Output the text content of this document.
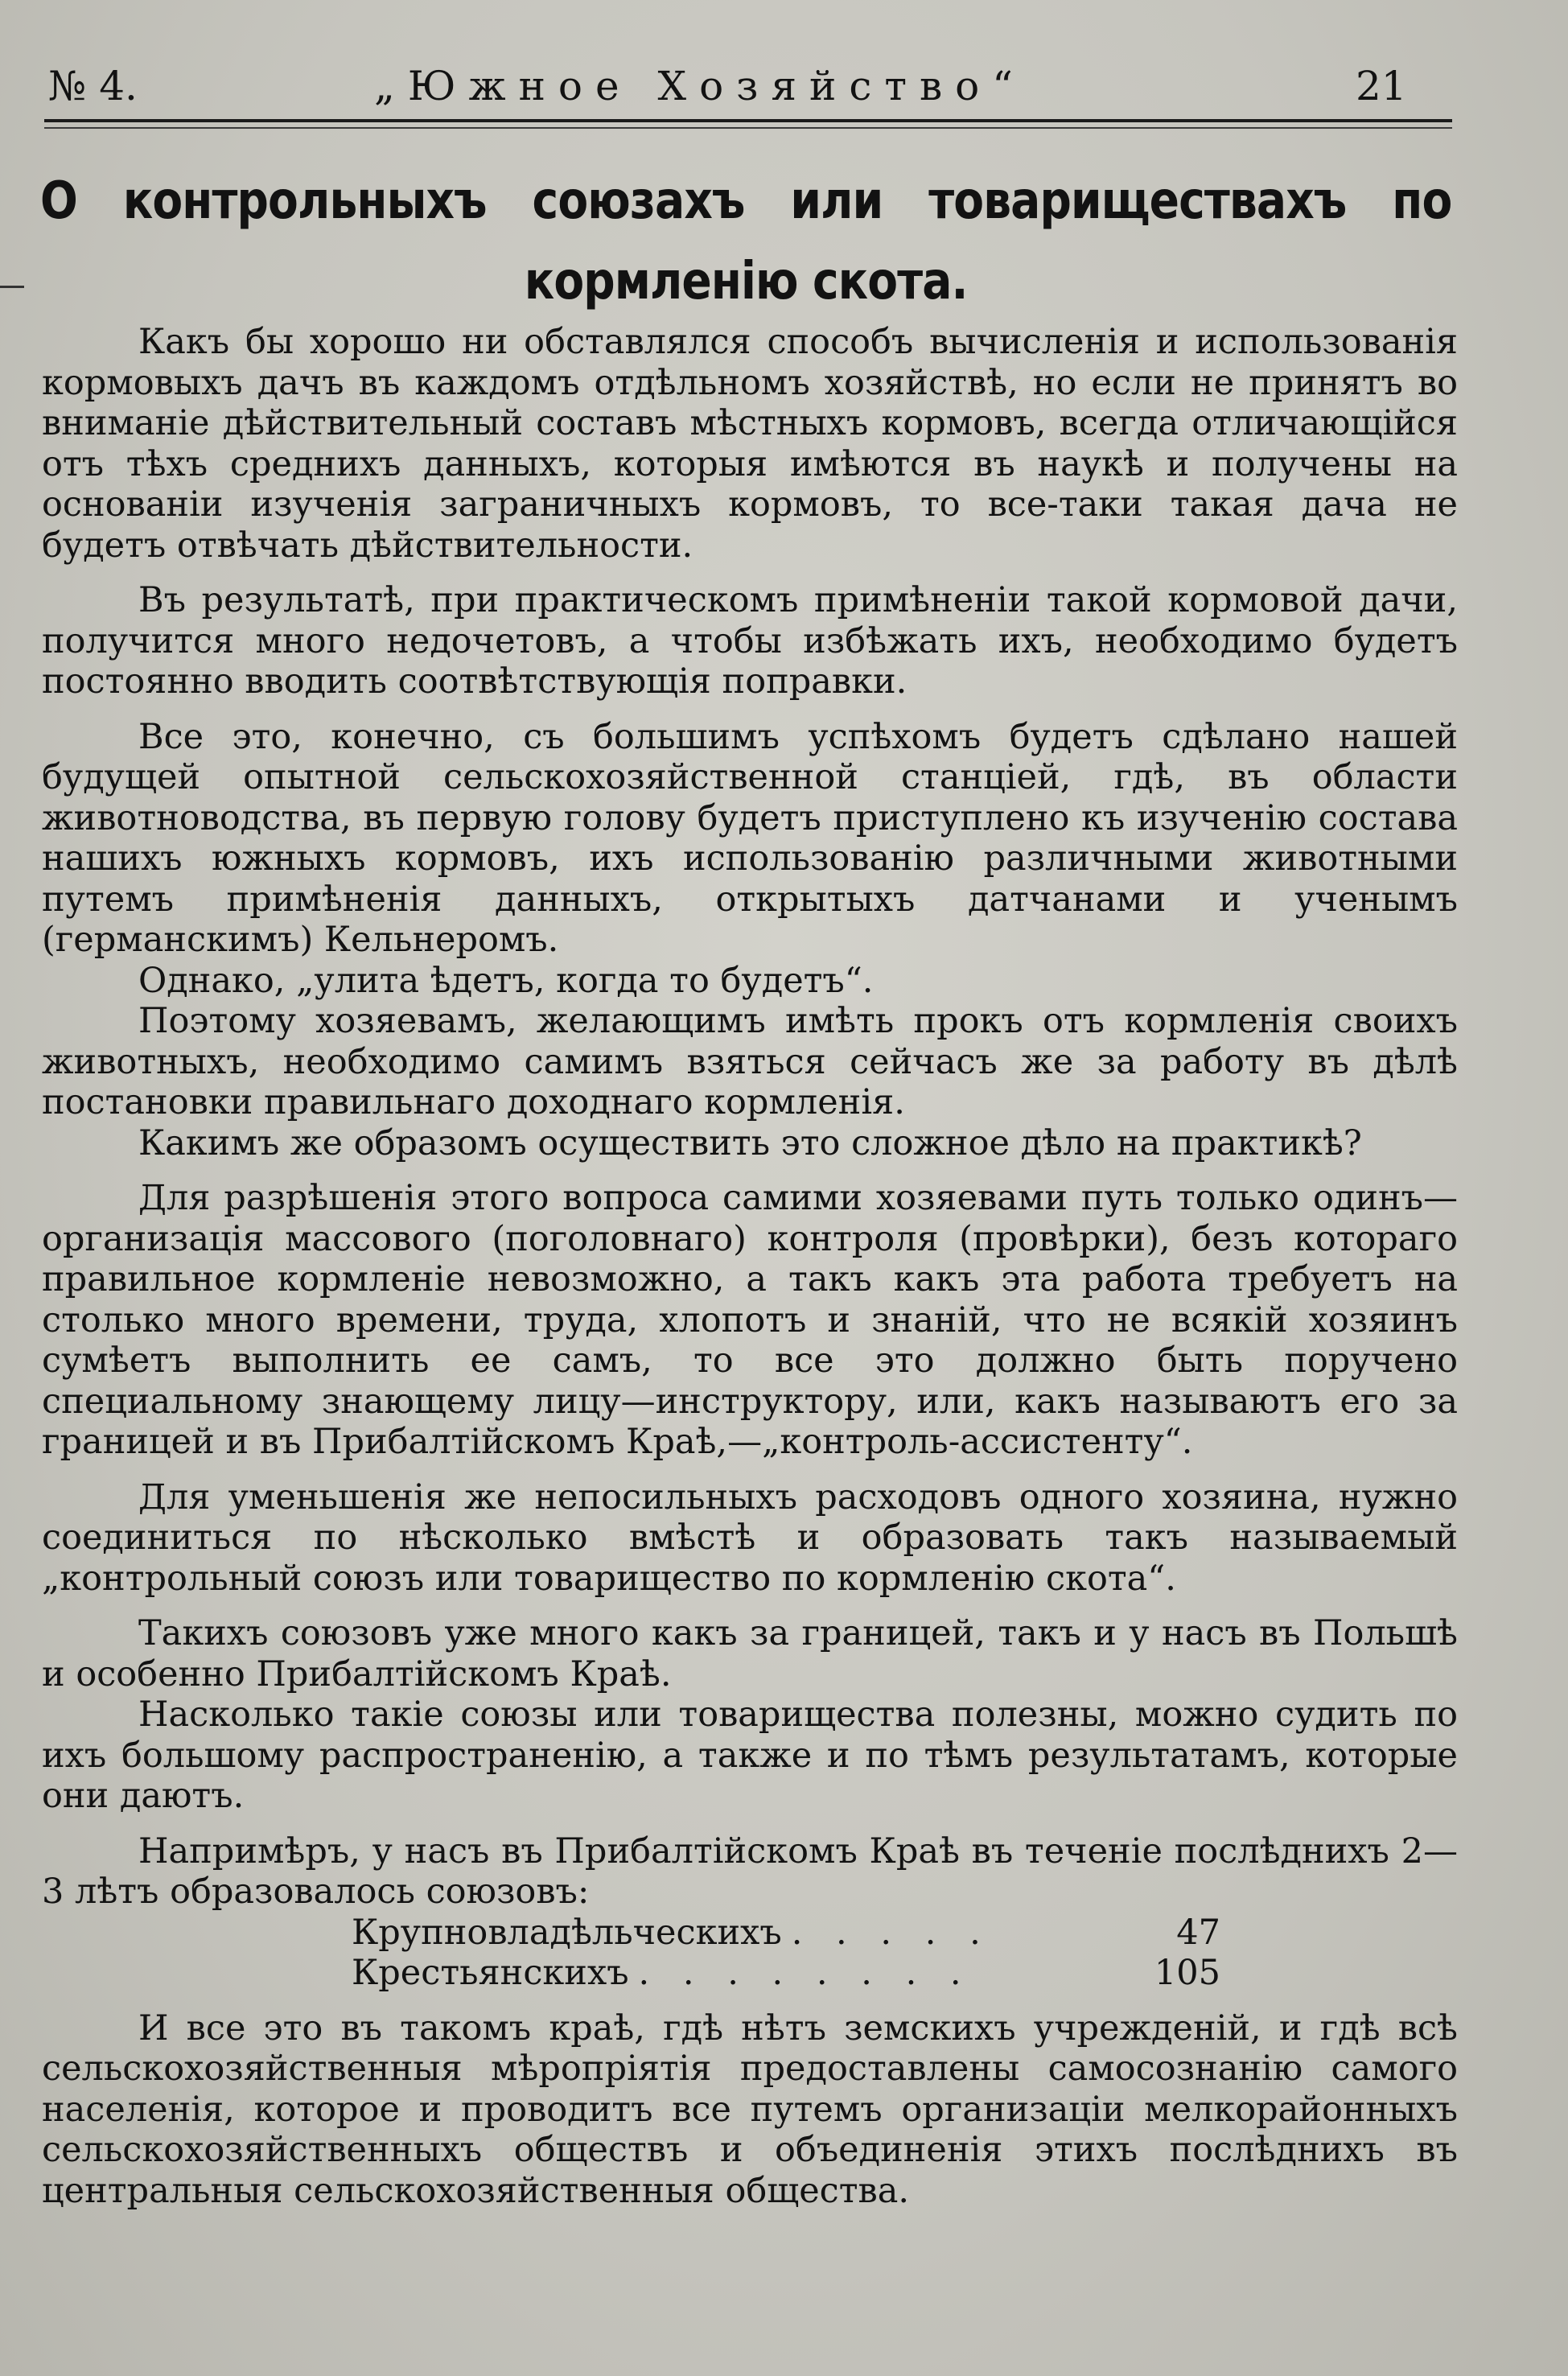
№ 4.	„Южное Хозяйство“	21
О контрольныхъ союзахъ или товариществахъ по кормленію скота.

Какъ бы хорошо ни обставлялся способъ вычисленія и использованія кормовыхъ дачъ въ каждомъ отдѣльномъ хозяйствѣ, но если не принятъ во вниманіе дѣйствительный составъ мѣстныхъ кормовъ, всегда отличающійся отъ тѣхъ среднихъ данныхъ, которыя имѣются въ наукѣ и получены на основаніи изученія заграничныхъ кормовъ, то все-таки такая дача не будетъ отвѣчать дѣйствительности.

Въ результатѣ, при практическомъ примѣненіи такой кормовой дачи, получится много недочетовъ, а чтобы избѣжать ихъ, необходимо будетъ постоянно вводить соотвѣтствующія поправки.

Все это, конечно, съ большимъ успѣхомъ будетъ сдѣлано нашей будущей опытной сельскохозяйственной станціей, гдѣ, въ области животноводства, въ первую голову будетъ приступлено къ изученію состава нашихъ южныхъ кормовъ, ихъ использованію различными животными путемъ примѣненія данныхъ, открытыхъ датчанами и ученымъ (германскимъ) Кельнеромъ.

Однако, „улита ѣдетъ, когда то будетъ“.

Поэтому хозяевамъ, желающимъ имѣть прокъ отъ кормленія своихъ животныхъ, необходимо самимъ взяться сейчасъ же за работу въ дѣлѣ постановки правильнаго доходнаго кормленія.

Какимъ же образомъ осуществить это сложное дѣло на практикѣ?

Для разрѣшенія этого вопроса самими хозяевами путь только одинъ—организація массового (поголовнаго) контроля (провѣрки), безъ котораго правильное кормленіе невозможно, а такъ какъ эта работа требуетъ на столько много времени, труда, хлопотъ и знаній, что не всякій хозяинъ сумѣетъ выполнить ее самъ, то все это должно быть поручено специальному знающему лицу—инструктору, или, какъ называютъ его за границей и въ Прибалтійскомъ Краѣ,—„контроль-ассистенту“.

Для уменьшенія же непосильныхъ расходовъ одного хозяина, нужно соединиться по нѣсколько вмѣстѣ и образовать такъ называемый „контрольный союзъ или товарищество по кормленію скота“.

Такихъ союзовъ уже много какъ за границей, такъ и у насъ въ Польшѣ и особенно Прибалтійскомъ Краѣ.

Насколько такіе союзы или товарищества полезны, можно судить по ихъ большому распространенію, а также и по тѣмъ результатамъ, которые они даютъ.

Напримѣръ, у насъ въ Прибалтійскомъ Краѣ въ теченіе послѣднихъ 2—3 лѣтъ образовалось союзовъ:

Крупновладѣльческихъ . . . . .	47
Крестьянскихъ . . . . . . . .	105

И все это въ такомъ краѣ, гдѣ нѣтъ земскихъ учрежденій, и гдѣ всѣ сельскохозяйственныя мѣропріятія предоставлены самосознанію самого населенія, которое и проводитъ все путемъ организаціи мелкорайонныхъ сельскохозяйственныхъ обществъ и объединенія этихъ послѣднихъ въ центральныя сельскохозяйственныя общества.
